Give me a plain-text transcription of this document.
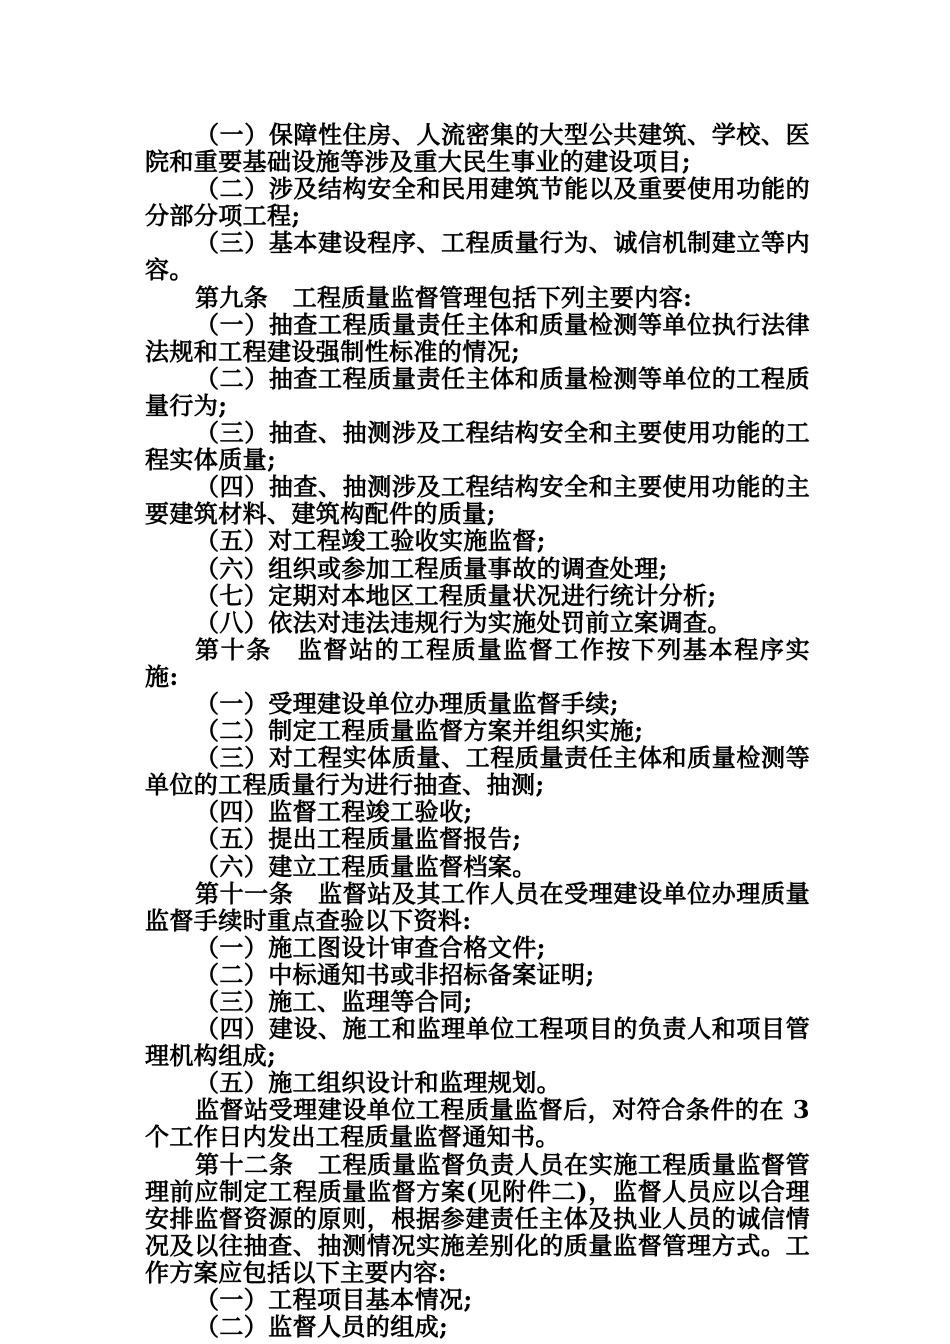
（一）保障性住房、人流密集的大型公共建筑、学校、医院和重要基础设施等涉及重大民生事业的建设项目;

（二）涉及结构安全和民用建筑节能以及重要使用功能的分部分项工程;

（三）基本建设程序、工程质量行为、诚信机制建立等内容。

第九条　工程质量监督管理包括下列主要内容:

（一）抽查工程质量责任主体和质量检测等单位执行法律法规和工程建设强制性标准的情况;

（二）抽查工程质量责任主体和质量检测等单位的工程质量行为;

（三）抽查、抽测涉及工程结构安全和主要使用功能的工程实体质量;

（四）抽查、抽测涉及工程结构安全和主要使用功能的主要建筑材料、建筑构配件的质量;

（五）对工程竣工验收实施监督;

（六）组织或参加工程质量事故的调查处理;

（七）定期对本地区工程质量状况进行统计分析;

（八）依法对违法违规行为实施处罚前立案调查。

第十条　监督站的工程质量监督工作按下列基本程序实施:

（一）受理建设单位办理质量监督手续;

（二）制定工程质量监督方案并组织实施;

（三）对工程实体质量、工程质量责任主体和质量检测等单位的工程质量行为进行抽查、抽测;

（四）监督工程竣工验收;

（五）提出工程质量监督报告;

（六）建立工程质量监督档案。

第十一条　监督站及其工作人员在受理建设单位办理质量监督手续时重点查验以下资料:

（一）施工图设计审查合格文件;

（二）中标通知书或非招标备案证明;

（三）施工、监理等合同;

（四）建设、施工和监理单位工程项目的负责人和项目管理机构组成;

（五）施工组织设计和监理规划。

监督站受理建设单位工程质量监督后，对符合条件的在 3个工作日内发出工程质量监督通知书。

第十二条　工程质量监督负责人员在实施工程质量监督管理前应制定工程质量监督方案(见附件二)，监督人员应以合理安排监督资源的原则，根据参建责任主体及执业人员的诚信情况及以往抽查、抽测情况实施差别化的质量监督管理方式。工作方案应包括以下主要内容:

（一）工程项目基本情况;

（二）监督人员的组成;
